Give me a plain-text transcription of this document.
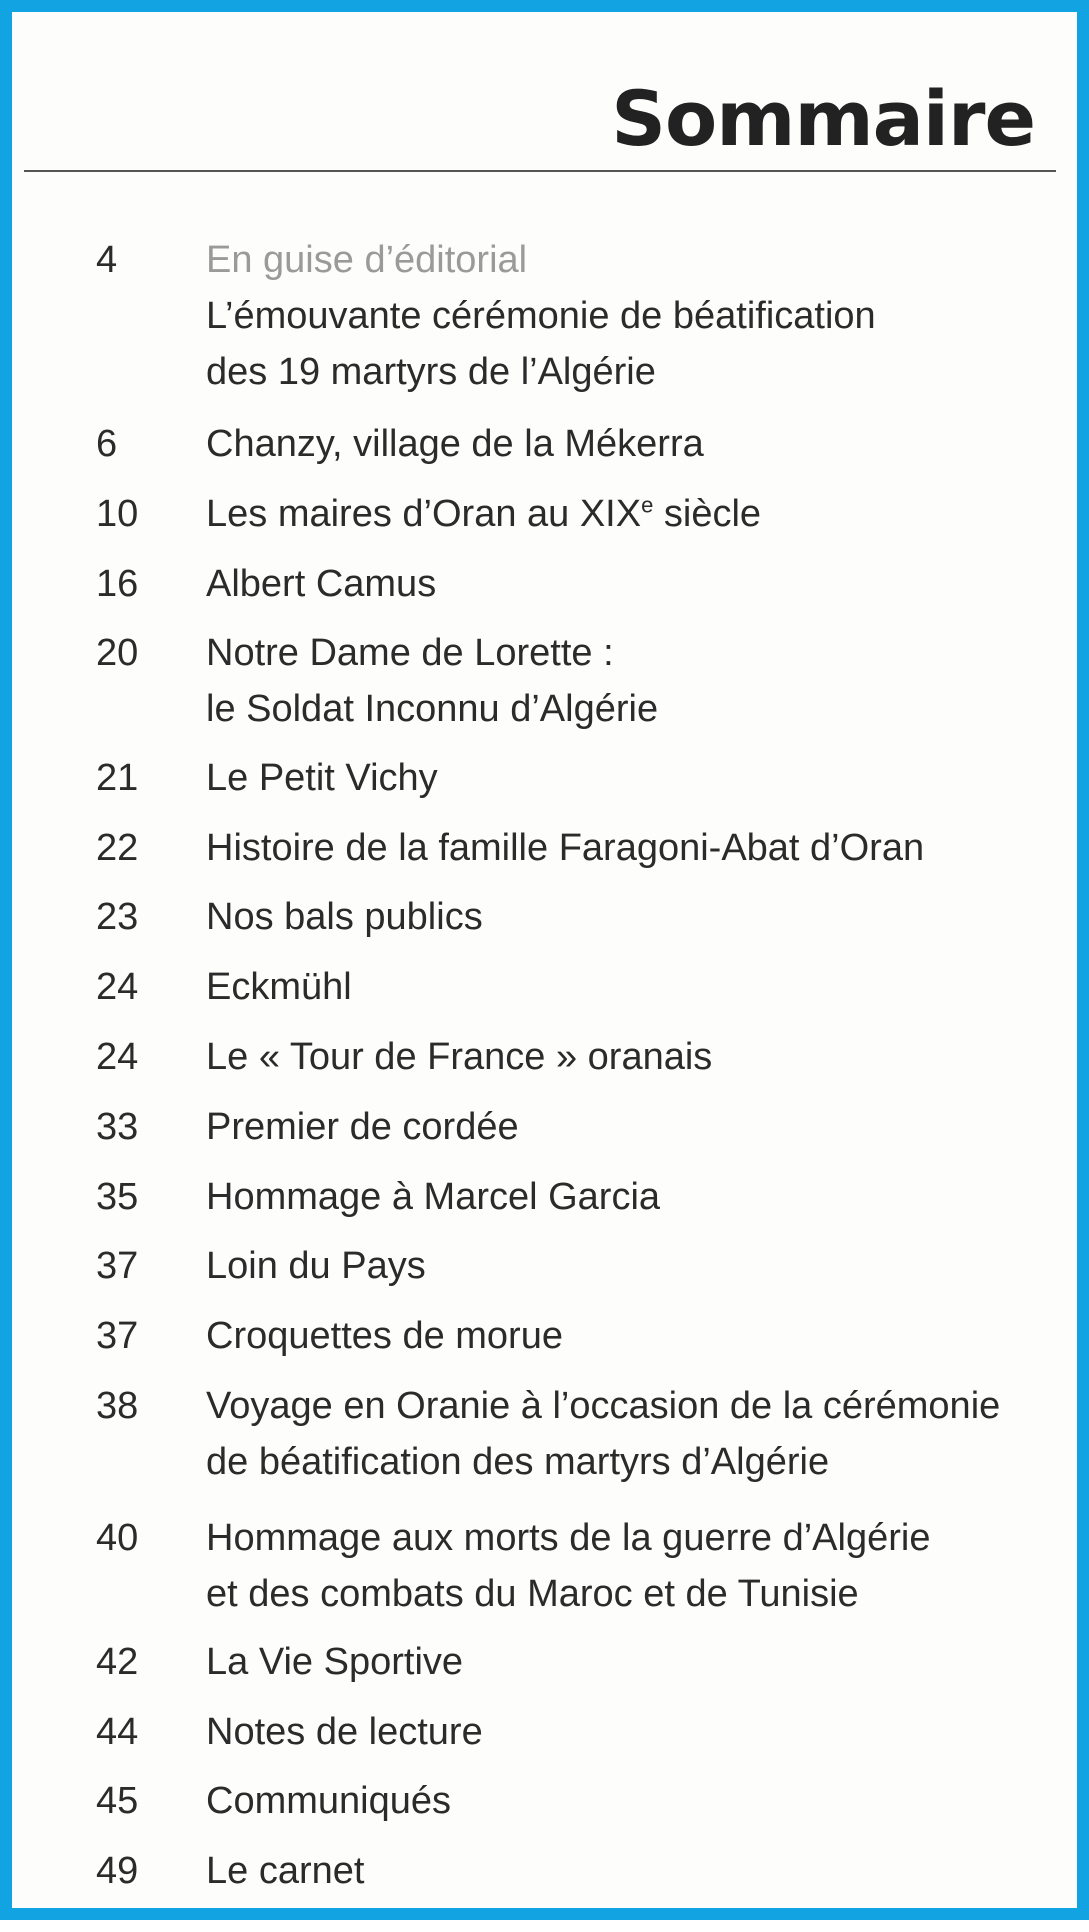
Sommaire
4 En guise d’éditorial
L’émouvante cérémonie de béatification
des 19 martyrs de l’Algérie
6 Chanzy, village de la Mékerra
10 Les maires d’Oran au XIXe siècle
16 Albert Camus
20 Notre Dame de Lorette :
le Soldat Inconnu d’Algérie
21 Le Petit Vichy
22 Histoire de la famille Faragoni-Abat d’Oran
23 Nos bals publics
24 Eckmühl
24 Le « Tour de France » oranais
33 Premier de cordée
35 Hommage à Marcel Garcia
37 Loin du Pays
37 Croquettes de morue
38 Voyage en Oranie à l’occasion de la cérémonie
de béatification des martyrs d’Algérie
40 Hommage aux morts de la guerre d’Algérie
et des combats du Maroc et de Tunisie
42 La Vie Sportive
44 Notes de lecture
45 Communiqués
49 Le carnet
